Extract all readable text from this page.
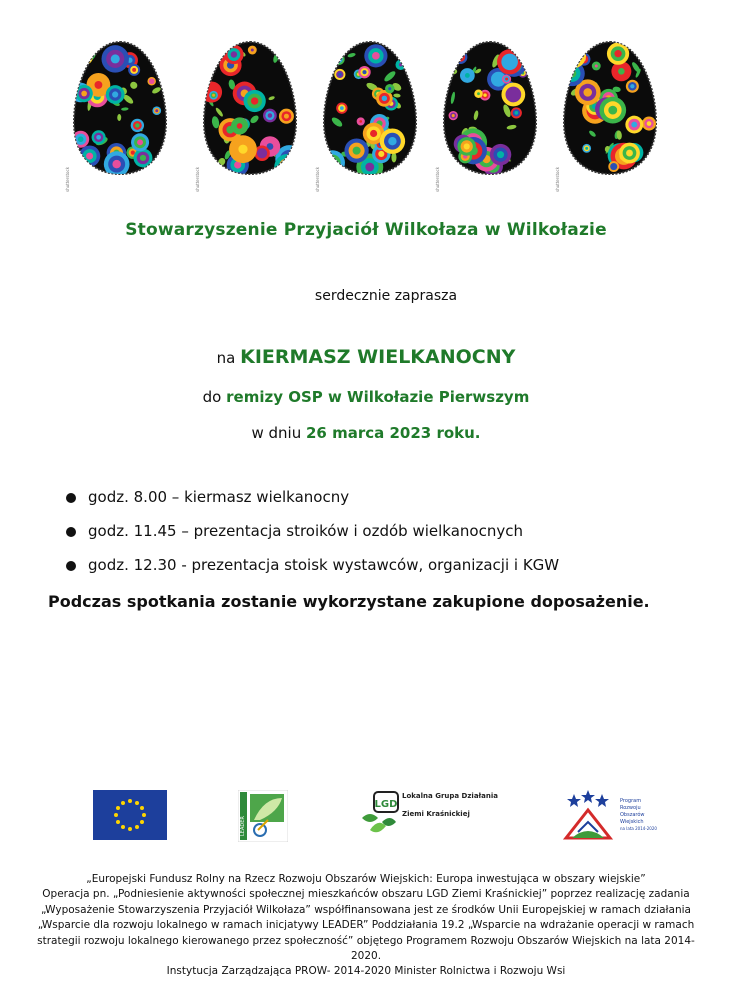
shutterstock	shutterstock	shutterstock	shutterstock	shutterstock
Stowarzyszenie Przyjaciół Wilkołaza w Wilkołazie
serdecznie zaprasza
na KIERMASZ WIELKANOCNY
do remizy OSP w Wilkołazie Pierwszym
w dniu 26 marca 2023 roku.
godz. 8.00 – kiermasz wielkanocny
godz. 11.45 – prezentacja stroików i ozdób wielkanocnych
godz. 12.30 - prezentacja stoisk wystawców, organizacji i KGW
Podczas spotkania zostanie wykorzystane zakupione doposażenie.
LEADER
LGD
Lokalna Grupa Działania
Ziemi Kraśnickiej
Program
Rozwoju
Obszarów
Wiejskich
na lata 2014-2020
„Europejski Fundusz Rolny na Rzecz Rozwoju Obszarów Wiejskich: Europa inwestująca w obszary wiejskie”
Operacja pn. „Podniesienie aktywności społecznej mieszkańców obszaru LGD Ziemi Kraśnickiej” poprzez realizację zadania
„Wyposażenie Stowarzyszenia Przyjaciół Wilkołaza” współfinansowana jest ze środków Unii Europejskiej w ramach działania
„Wsparcie dla rozwoju lokalnego w ramach inicjatywy LEADER” Poddziałania 19.2 „Wsparcie na wdrażanie operacji w ramach
strategii rozwoju lokalnego kierowanego przez społeczność” objętego Programem Rozwoju Obszarów Wiejskich na lata 2014-
2020.
Instytucja Zarządzająca PROW- 2014-2020 Minister Rolnictwa i Rozwoju Wsi
